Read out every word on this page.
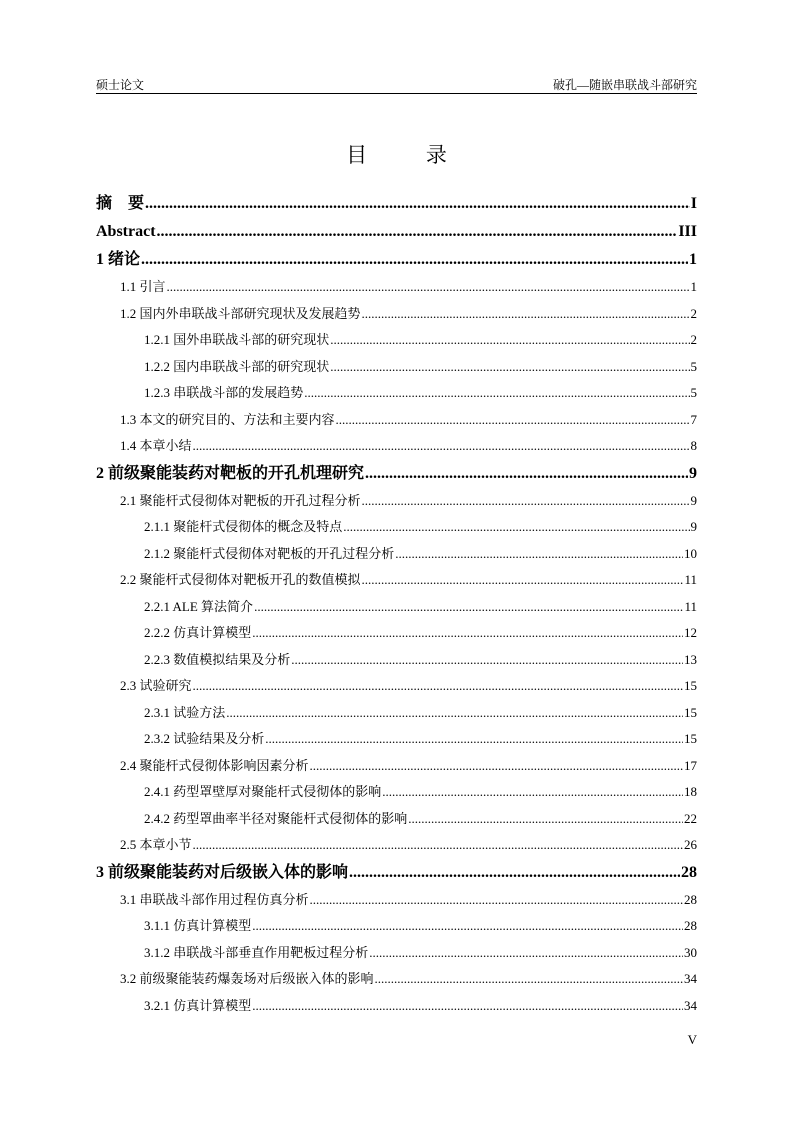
硕士论文	破孔—随嵌串联战斗部研究
目 录
摘　要 .....	I
Abstract .....	III
1 绪论 .....	1
1.1 引言 .....	1
1.2 国内外串联战斗部研究现状及发展趋势 .....	2
1.2.1 国外串联战斗部的研究现状 .....	2
1.2.2 国内串联战斗部的研究现状 .....	5
1.2.3 串联战斗部的发展趋势 .....	5
1.3 本文的研究目的、方法和主要内容 .....	7
1.4 本章小结 .....	8
2 前级聚能装药对靶板的开孔机理研究 .....	9
2.1 聚能杆式侵彻体对靶板的开孔过程分析 .....	9
2.1.1 聚能杆式侵彻体的概念及特点 .....	9
2.1.2 聚能杆式侵彻体对靶板的开孔过程分析 .....	10
2.2 聚能杆式侵彻体对靶板开孔的数值模拟 .....	11
2.2.1 ALE 算法简介 .....	11
2.2.2 仿真计算模型 .....	12
2.2.3 数值模拟结果及分析 .....	13
2.3 试验研究 .....	15
2.3.1 试验方法 .....	15
2.3.2 试验结果及分析 .....	15
2.4 聚能杆式侵彻体影响因素分析 .....	17
2.4.1 药型罩壁厚对聚能杆式侵彻体的影响 .....	18
2.4.2 药型罩曲率半径对聚能杆式侵彻体的影响 .....	22
2.5 本章小节 .....	26
3 前级聚能装药对后级嵌入体的影响 .....	28
3.1 串联战斗部作用过程仿真分析 .....	28
3.1.1 仿真计算模型 .....	28
3.1.2 串联战斗部垂直作用靶板过程分析 .....	30
3.2 前级聚能装药爆轰场对后级嵌入体的影响 .....	34
3.2.1 仿真计算模型 .....	34
V
